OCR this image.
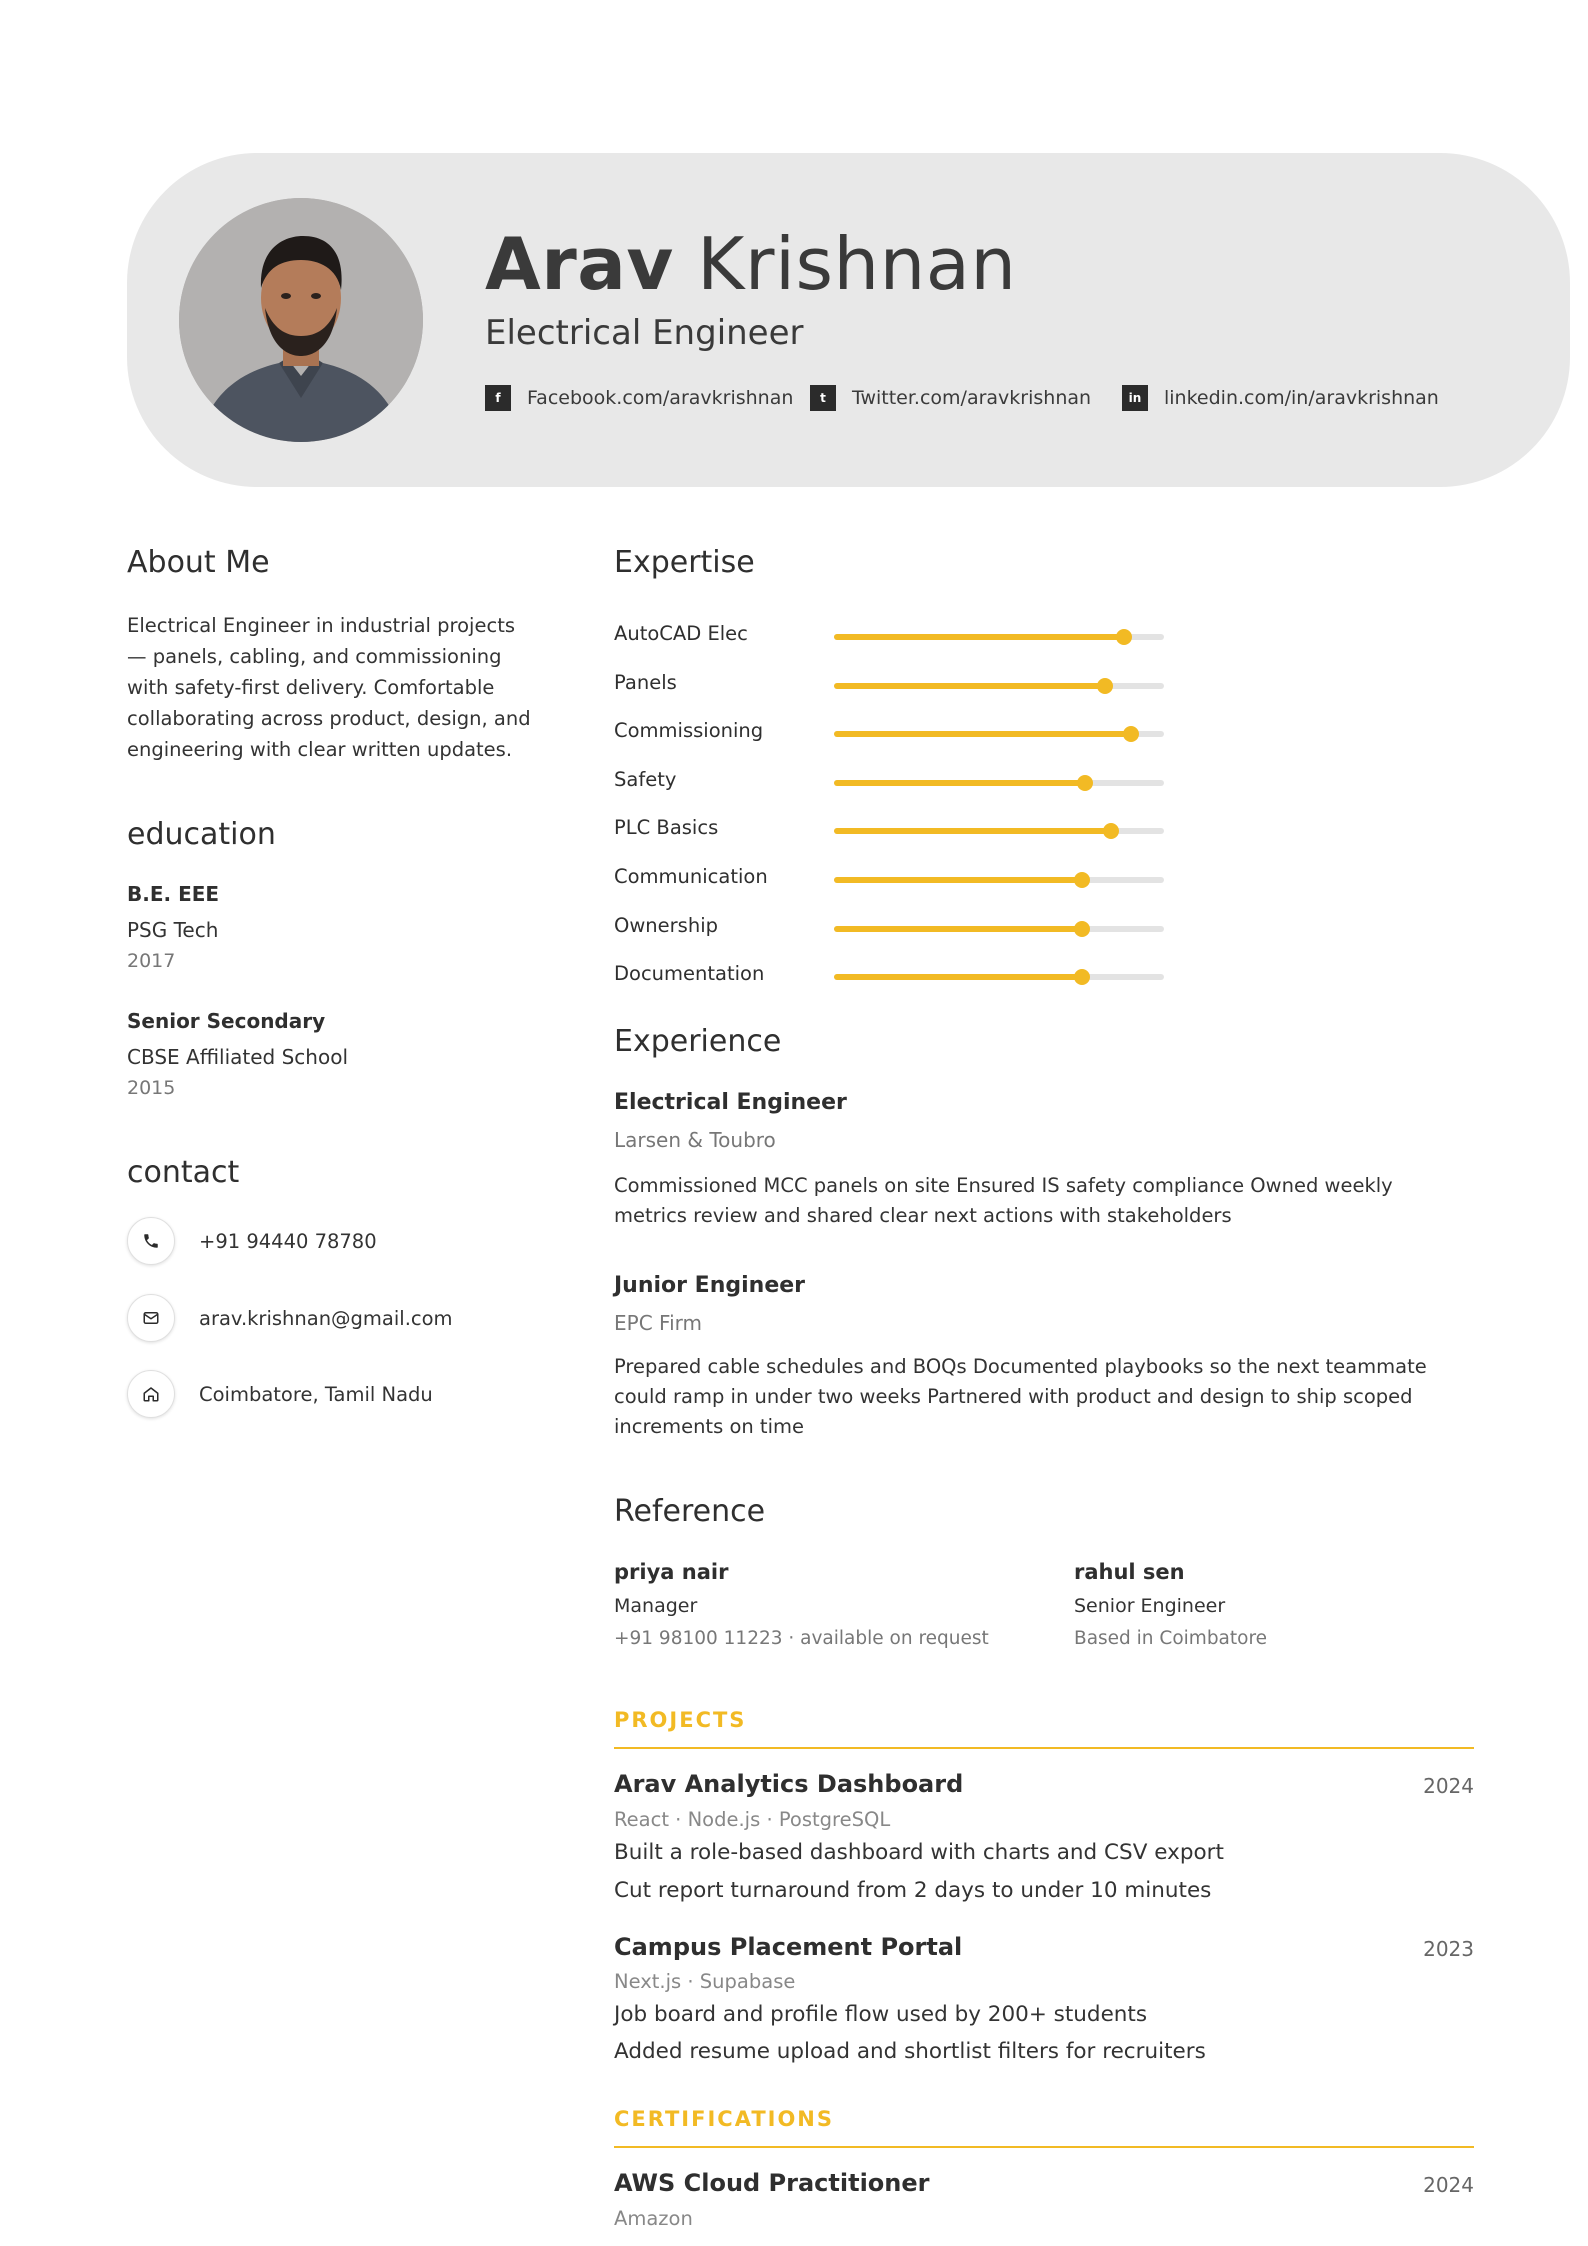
Arav Krishnan
Electrical Engineer
f	Facebook.com/aravkrishnan	t	Twitter.com/aravkrishnan	in	linkedin.com/in/aravkrishnan
About Me
Electrical Engineer in industrial projects — panels, cabling, and commissioning with safety-first delivery. Comfortable collaborating across product, design, and engineering with clear written updates.
education
B.E. EEE
PSG Tech
2017
Senior Secondary
CBSE Affiliated School
2015
contact
+91 94440 78780
arav.krishnan@gmail.com
Coimbatore, Tamil Nadu
Expertise
AutoCAD Elec
Panels
Commissioning
Safety
PLC Basics
Communication
Ownership
Documentation
Experience
Electrical Engineer
Larsen & Toubro
Commissioned MCC panels on site Ensured IS safety compliance Owned weekly metrics review and shared clear next actions with stakeholders
Junior Engineer
EPC Firm
Prepared cable schedules and BOQs Documented playbooks so the next teammate could ramp in under two weeks Partnered with product and design to ship scoped increments on time
Reference
priya nair
Manager
+91 98100 11223 · available on request
rahul sen
Senior Engineer
Based in Coimbatore
PROJECTS
Arav Analytics Dashboard	2024
React · Node.js · PostgreSQL
Built a role-based dashboard with charts and CSV export
Cut report turnaround from 2 days to under 10 minutes
Campus Placement Portal	2023
Next.js · Supabase
Job board and profile flow used by 200+ students
Added resume upload and shortlist filters for recruiters
CERTIFICATIONS
AWS Cloud Practitioner	2024
Amazon
